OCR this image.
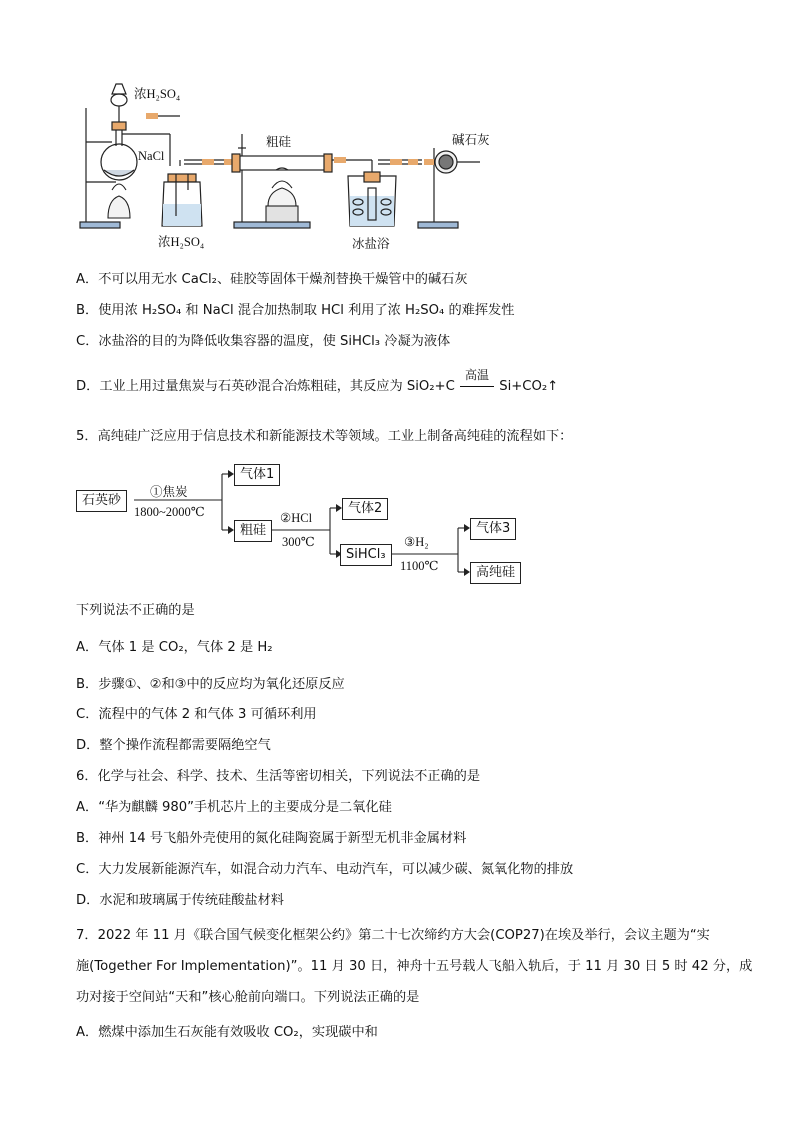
浓H₂SO₄
NaCl
浓H₂SO₄
粗硅
冰盐浴
碱石灰
A．不可以用无水 CaCl₂、硅胶等固体干燥剂替换干燥管中的碱石灰
B．使用浓 H₂SO₄ 和 NaCl 混合加热制取 HCl 利用了浓 H₂SO₄ 的难挥发性
C．冰盐浴的目的为降低收集容器的温度，使 SiHCl₃ 冷凝为液体
D．工业上用过量焦炭与石英砂混合冶炼粗硅，其反应为 SiO₂+C
高温
Si+CO₂↑
5．高纯硅广泛应用于信息技术和新能源技术等领域。工业上制备高纯硅的流程如下：
石英砂
①焦炭
1800~2000℃
气体1
粗硅
②HCl
300℃
气体2
SiHCl₃
③H₂
1100℃
气体3
高纯硅
下列说法不正确的是
A．气体 1 是 CO₂，气体 2 是 H₂
B．步骤①、②和③中的反应均为氧化还原反应
C．流程中的气体 2 和气体 3 可循环利用
D．整个操作流程都需要隔绝空气
6．化学与社会、科学、技术、生活等密切相关，下列说法不正确的是
A．“华为麒麟 980”手机芯片上的主要成分是二氧化硅
B．神州 14 号飞船外壳使用的氮化硅陶瓷属于新型无机非金属材料
C．大力发展新能源汽车，如混合动力汽车、电动汽车，可以减少碳、氮氧化物的排放
D．水泥和玻璃属于传统硅酸盐材料
7．2022 年 11 月《联合国气候变化框架公约》第二十七次缔约方大会(COP27)在埃及举行，会议主题为“实
施(Together For Implementation)”。11 月 30 日，神舟十五号载人飞船入轨后，于 11 月 30 日 5 时 42 分，成
功对接于空间站“天和”核心舱前向端口。下列说法正确的是
A．燃煤中添加生石灰能有效吸收 CO₂，实现碳中和
